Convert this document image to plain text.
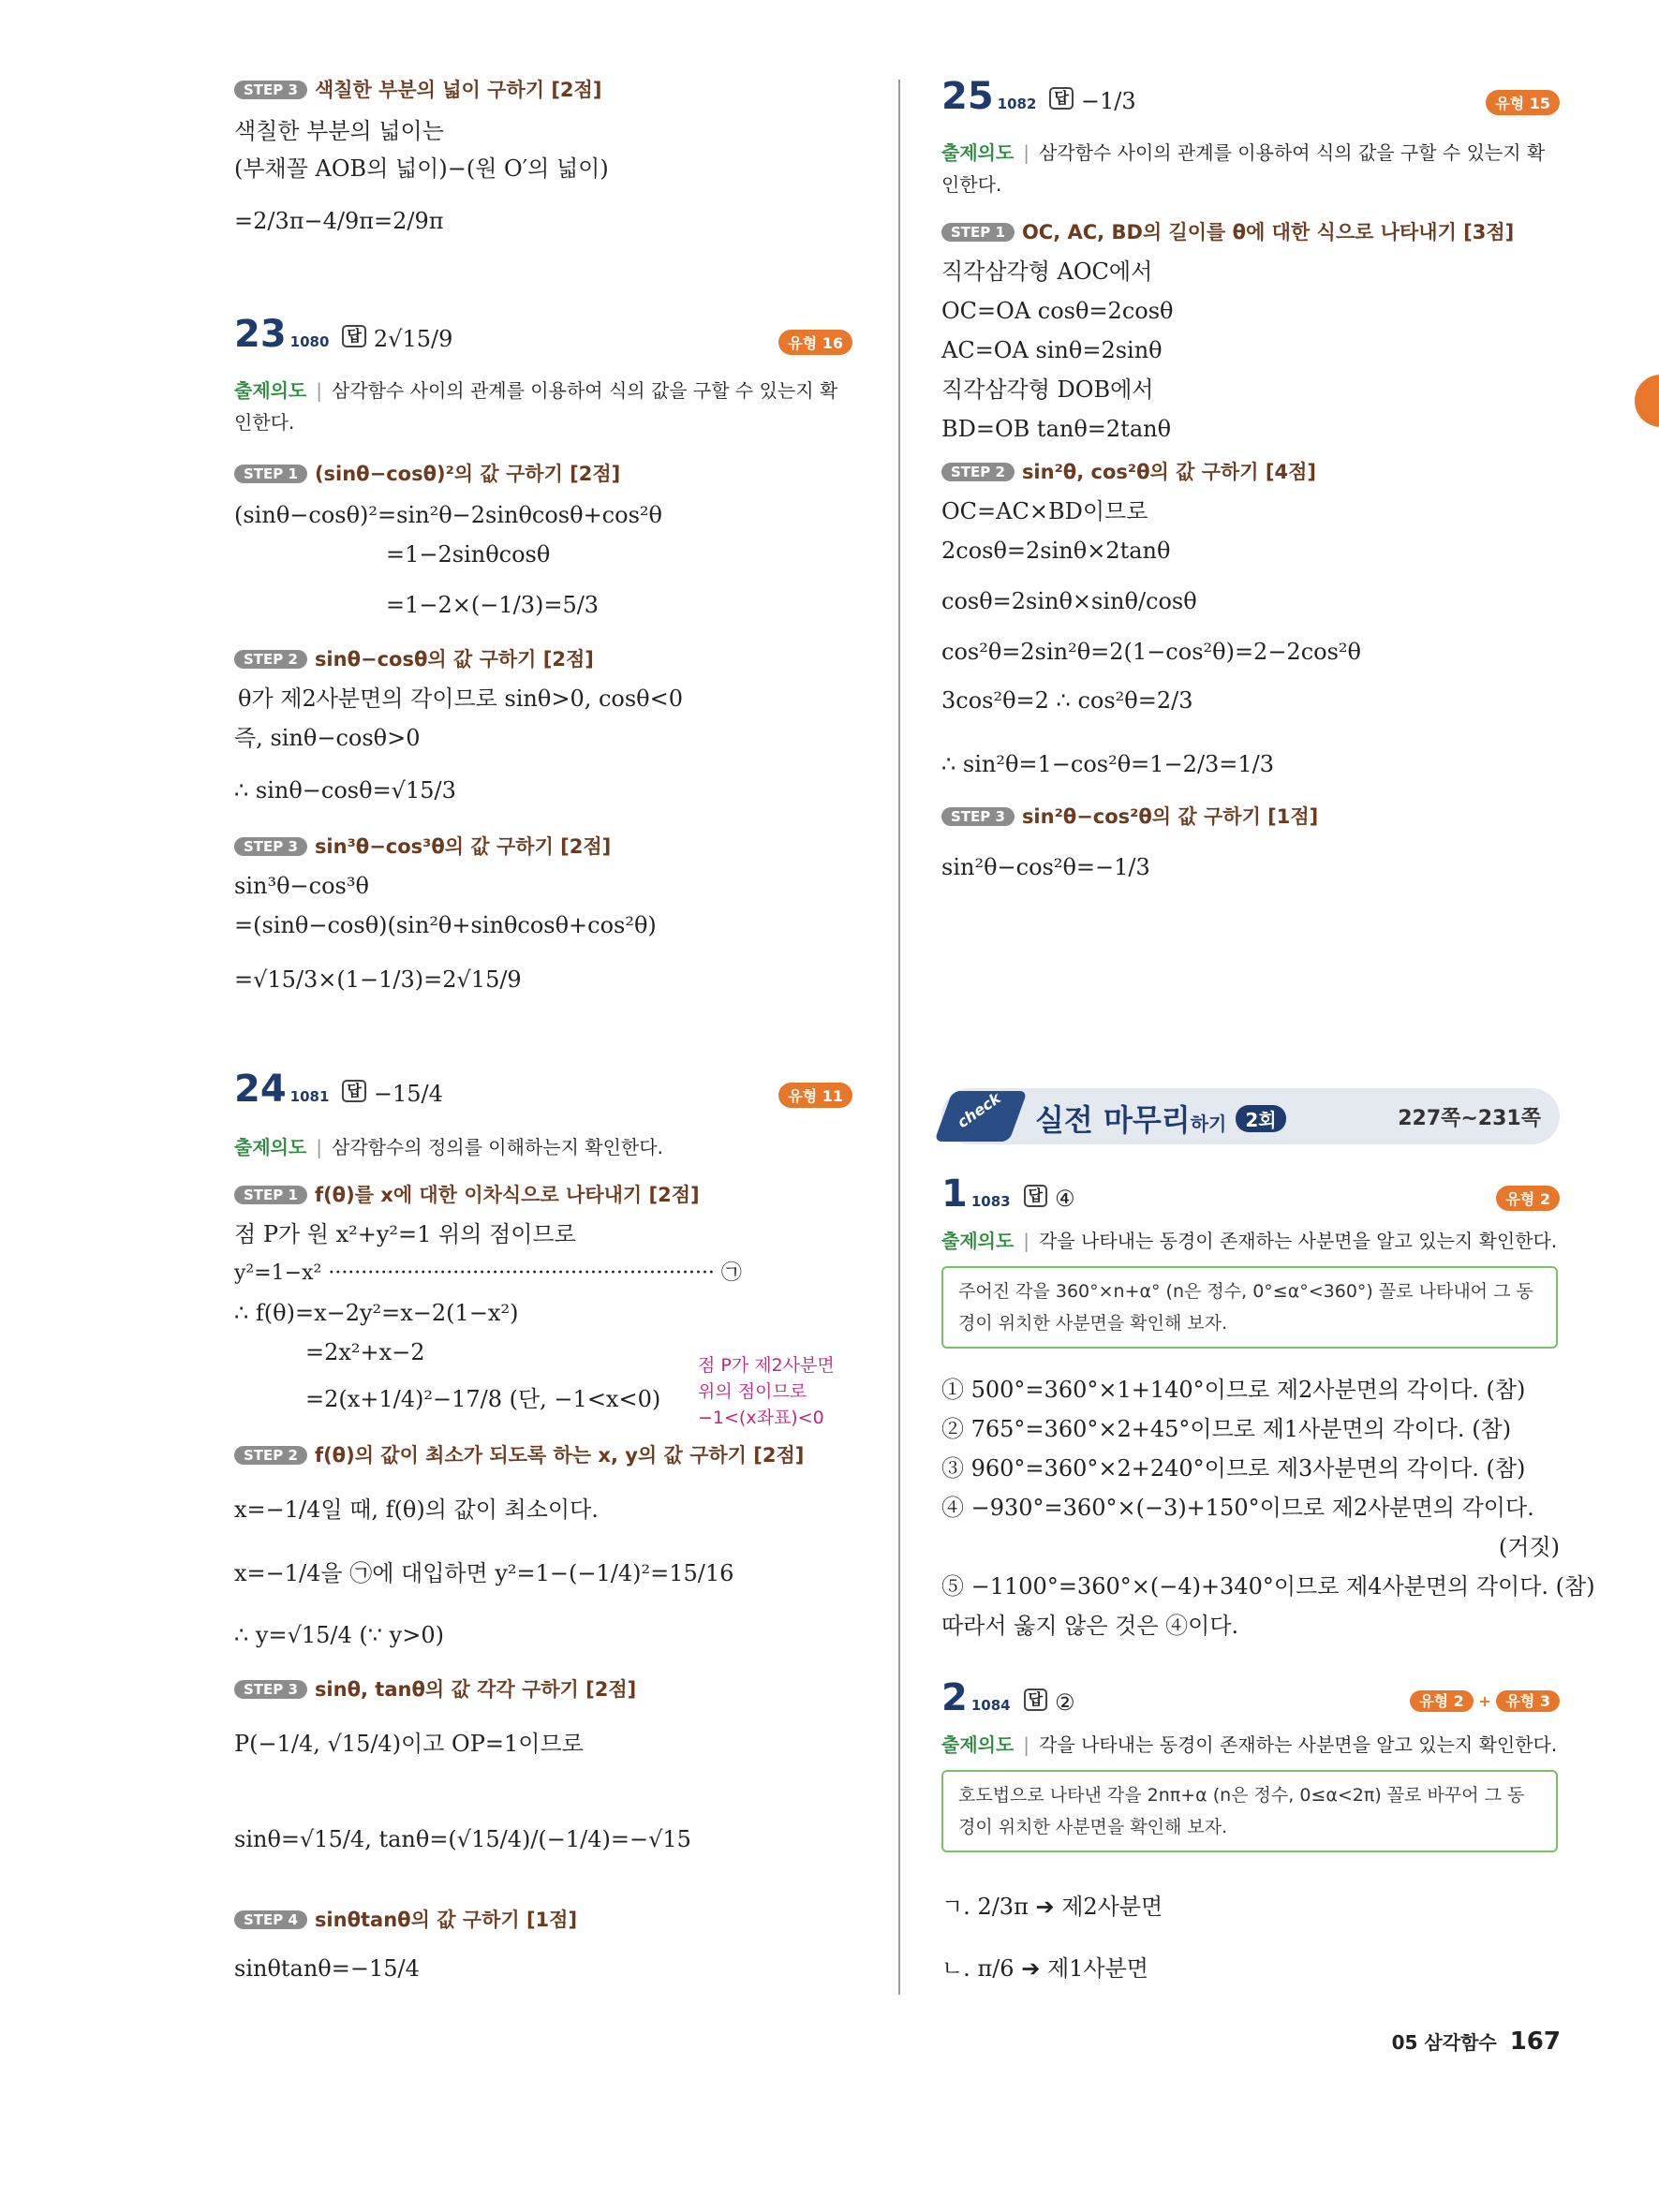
STEP 3 색칠한 부분의 넓이 구하기 [2점]
색칠한 부분의 넓이는
(부채꼴 AOB의 넓이)−(원 O′의 넓이)
=2/3π−4/9π=2/9π
23 1080 답 2√15/9	유형 16
출제의도 | 삼각함수 사이의 관계를 이용하여 식의 값을 구할 수 있는지 확인한다.
STEP 1 (sinθ−cosθ)²의 값 구하기 [2점]
(sinθ−cosθ)²=sin²θ−2sinθcosθ+cos²θ
=1−2sinθcosθ
=1−2×(−1/3)=5/3
STEP 2 sinθ−cosθ의 값 구하기 [2점]
θ가 제2사분면의 각이므로 sinθ>0, cosθ<0
즉, sinθ−cosθ>0
∴ sinθ−cosθ=√15/3
STEP 3 sin³θ−cos³θ의 값 구하기 [2점]
sin³θ−cos³θ
=(sinθ−cosθ)(sin²θ+sinθcosθ+cos²θ)
=√15/3×(1−1/3)=2√15/9
24 1081 답 −15/4	유형 11
출제의도 | 삼각함수의 정의를 이해하는지 확인한다.
STEP 1 f(θ)를 x에 대한 이차식으로 나타내기 [2점]
점 P가 원 x²+y²=1 위의 점이므로
y²=1−x² ··························································· ㉠
∴ f(θ)=x−2y²=x−2(1−x²)
=2x²+x−2
=2(x+1/4)²−17/8 (단, −1<x<0)
점 P가 제2사분면
위의 점이므로
−1<(x좌표)<0
STEP 2 f(θ)의 값이 최소가 되도록 하는 x, y의 값 구하기 [2점]
x=−1/4일 때, f(θ)의 값이 최소이다.
x=−1/4을 ㉠에 대입하면 y²=1−(−1/4)²=15/16
∴ y=√15/4 (∵ y>0)
STEP 3 sinθ, tanθ의 값 각각 구하기 [2점]
P(−1/4, √15/4)이고 OP=1이므로
sinθ=√15/4, tanθ=(√15/4)/(−1/4)=−√15
STEP 4 sinθtanθ의 값 구하기 [1점]
sinθtanθ=−15/4
25 1082 답 −1/3	유형 15
출제의도 | 삼각함수 사이의 관계를 이용하여 식의 값을 구할 수 있는지 확인한다.
STEP 1 OC, AC, BD의 길이를 θ에 대한 식으로 나타내기 [3점]
직각삼각형 AOC에서
OC=OA cosθ=2cosθ
AC=OA sinθ=2sinθ
직각삼각형 DOB에서
BD=OB tanθ=2tanθ
STEP 2 sin²θ, cos²θ의 값 구하기 [4점]
OC=AC×BD이므로
2cosθ=2sinθ×2tanθ
cosθ=2sinθ×sinθ/cosθ
cos²θ=2sin²θ=2(1−cos²θ)=2−2cos²θ
3cos²θ=2 ∴ cos²θ=2/3
∴ sin²θ=1−cos²θ=1−2/3=1/3
STEP 3 sin²θ−cos²θ의 값 구하기 [1점]
sin²θ−cos²θ=−1/3
check 실전 마무리하기 2회	227쪽~231쪽
1 1083 답 ④	유형 2
출제의도 | 각을 나타내는 동경이 존재하는 사분면을 알고 있는지 확인한다.
주어진 각을 360°×n+α° (n은 정수, 0°≤α°<360°) 꼴로 나타내어 그 동경이 위치한 사분면을 확인해 보자.
① 500°=360°×1+140°이므로 제2사분면의 각이다. (참)
② 765°=360°×2+45°이므로 제1사분면의 각이다. (참)
③ 960°=360°×2+240°이므로 제3사분면의 각이다. (참)
④ −930°=360°×(−3)+150°이므로 제2사분면의 각이다.
(거짓)
⑤ −1100°=360°×(−4)+340°이므로 제4사분면의 각이다. (참)
따라서 옳지 않은 것은 ④이다.
2 1084 답 ②	유형 2 + 유형 3
출제의도 | 각을 나타내는 동경이 존재하는 사분면을 알고 있는지 확인한다.
호도법으로 나타낸 각을 2nπ+α (n은 정수, 0≤α<2π) 꼴로 바꾸어 그 동경이 위치한 사분면을 확인해 보자.
ㄱ. 2/3π ➔ 제2사분면
ㄴ. π/6 ➔ 제1사분면
05 삼각함수 167
